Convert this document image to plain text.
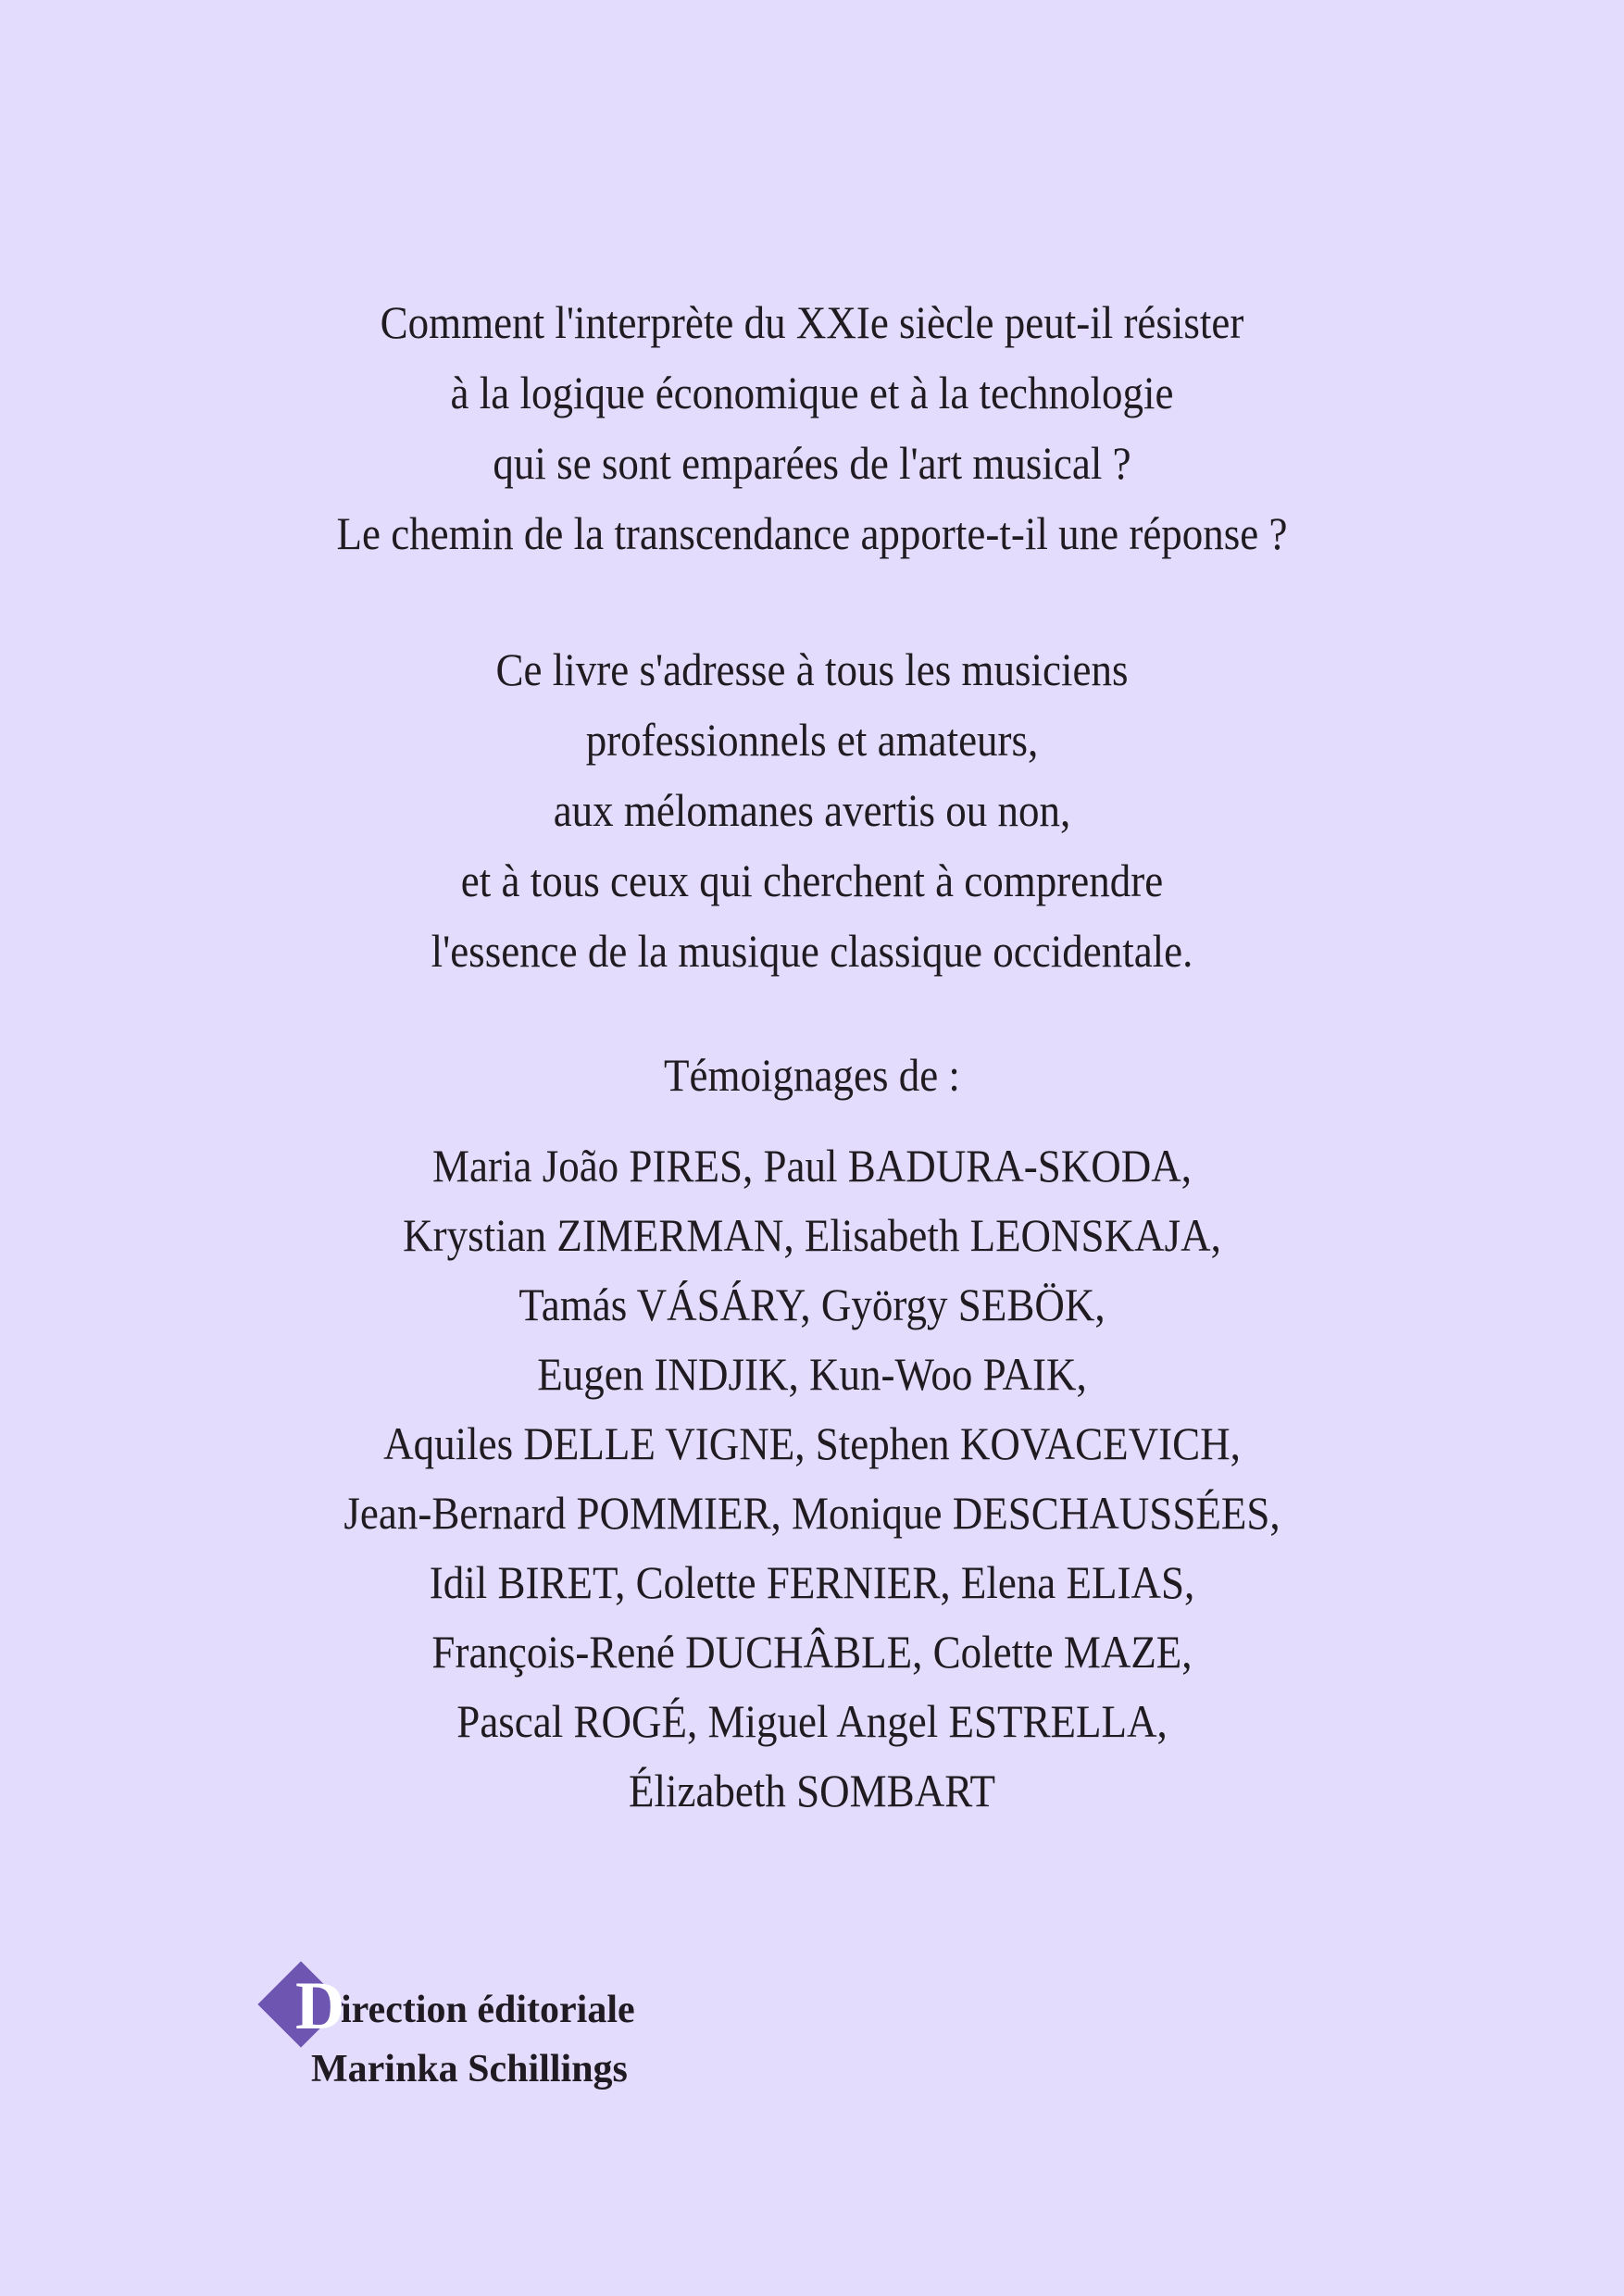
Comment l'interprète du XXIe siècle peut-il résister
à la logique économique et à la technologie
qui se sont emparées de l'art musical ?
Le chemin de la transcendance apporte-t-il une réponse ?
Ce livre s'adresse à tous les musiciens
professionnels et amateurs,
aux mélomanes avertis ou non,
et à tous ceux qui cherchent à comprendre
l'essence de la musique classique occidentale.
Témoignages de :
Maria João PIRES, Paul BADURA-SKODA,
Krystian ZIMERMAN, Elisabeth LEONSKAJA,
Tamás VÁSÁRY, György SEBÖK,
Eugen INDJIK, Kun-Woo PAIK,
Aquiles DELLE VIGNE, Stephen KOVACEVICH,
Jean-Bernard POMMIER, Monique DESCHAUSSÉES,
Idil BIRET, Colette FERNIER, Elena ELIAS,
François-René DUCHÂBLE, Colette MAZE,
Pascal ROGÉ, Miguel Angel ESTRELLA,
Élizabeth SOMBART
D
irection éditoriale
Marinka Schillings
